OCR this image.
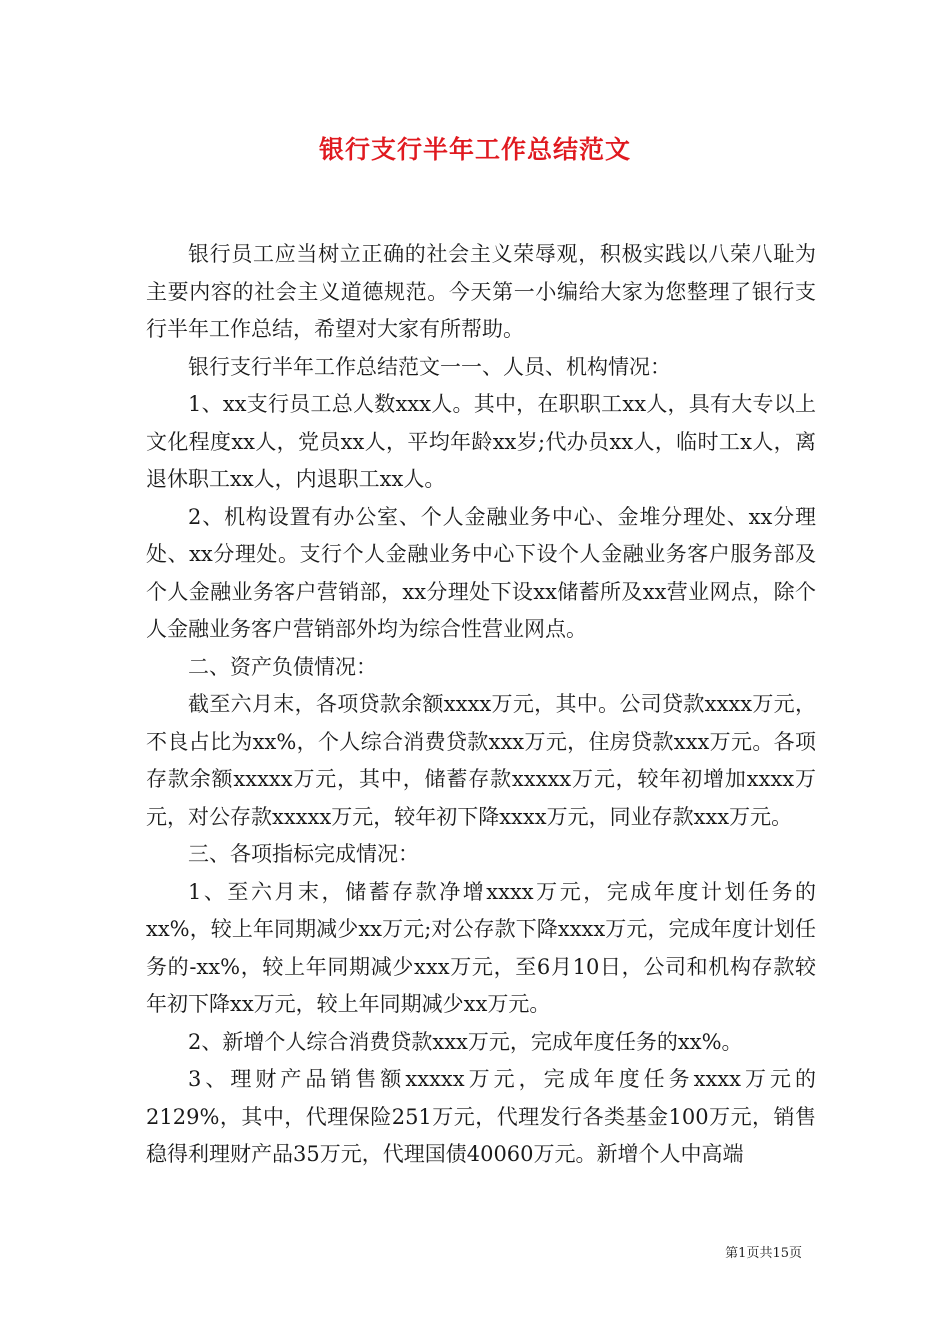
银行支行半年工作总结范文

银行员工应当树立正确的社会主义荣辱观，积极实践以八荣八耻为主要内容的社会主义道德规范。今天第一小编给大家为您整理了银行支行半年工作总结，希望对大家有所帮助。

银行支行半年工作总结范文一一、人员、机构情况：

1、xx支行员工总人数xxx人。其中，在职职工xx人，具有大专以上文化程度xx人，党员xx人，平均年龄xx岁;代办员xx人，临时工x人，离退休职工xx人，内退职工xx人。

2、机构设置有办公室、个人金融业务中心、金堆分理处、xx分理处、xx分理处。支行个人金融业务中心下设个人金融业务客户服务部及个人金融业务客户营销部，xx分理处下设xx储蓄所及xx营业网点，除个人金融业务客户营销部外均为综合性营业网点。

二、资产负债情况：

截至六月末，各项贷款余额xxxx万元，其中。公司贷款xxxx万元，不良占比为xx%，个人综合消费贷款xxx万元，住房贷款xxx万元。各项存款余额xxxxx万元，其中，储蓄存款xxxxx万元，较年初增加xxxx万元，对公存款xxxxx万元，较年初下降xxxx万元，同业存款xxx万元。

三、各项指标完成情况：

1、至六月末，储蓄存款净增xxxx万元，完成年度计划任务的xx%，较上年同期减少xx万元;对公存款下降xxxx万元，完成年度计划任务的-xx%，较上年同期减少xxx万元，至6月10日，公司和机构存款较年初下降xx万元，较上年同期减少xx万元。

2、新增个人综合消费贷款xxx万元，完成年度任务的xx%。

3、理财产品销售额xxxxx万元，完成年度任务xxxx万元的2129%，其中，代理保险251万元，代理发行各类基金100万元，销售稳得利理财产品35万元，代理国债40060万元。新增个人中高端

第1页共15页
